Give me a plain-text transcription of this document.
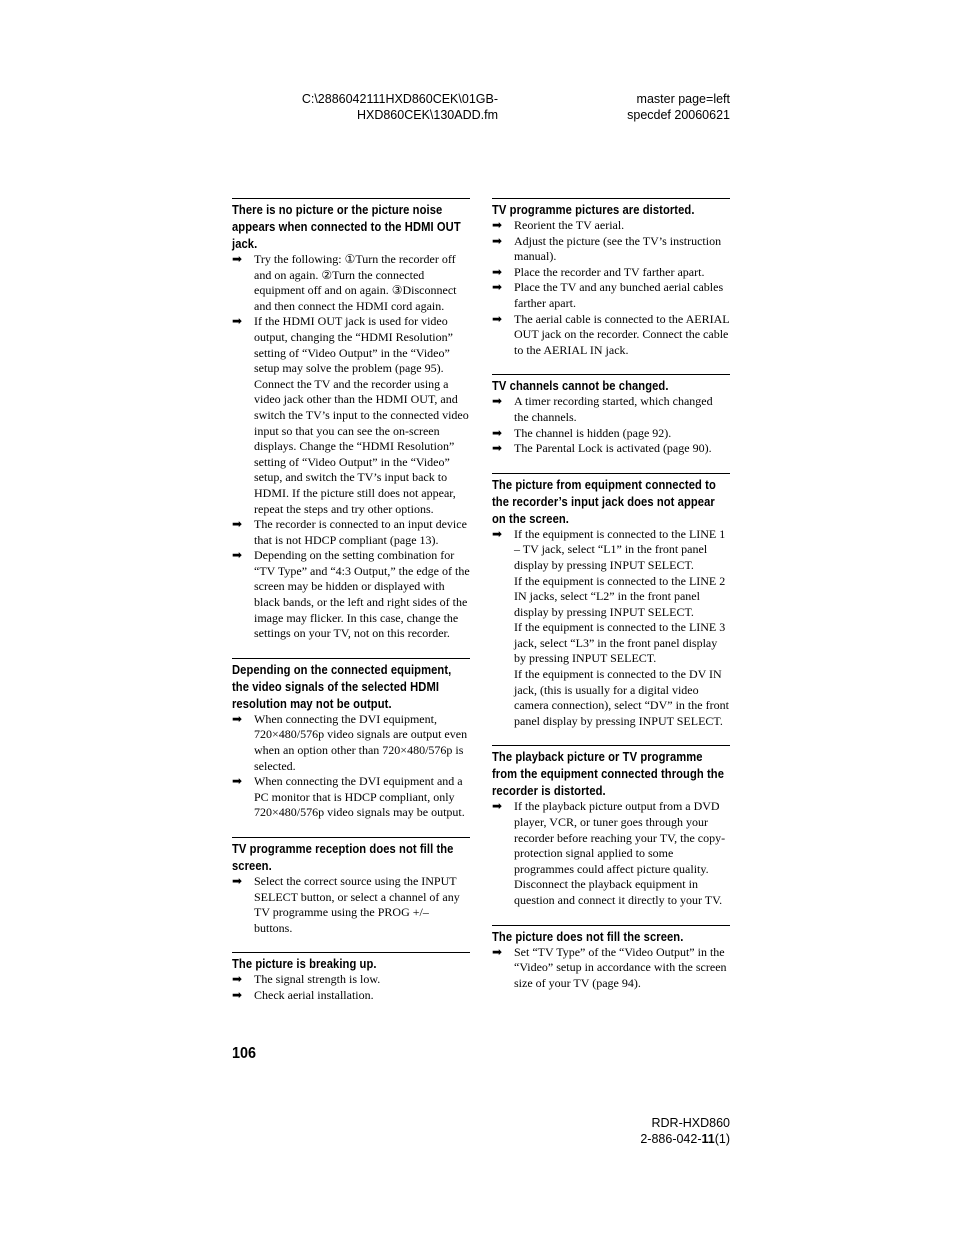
C:\2886042111HXD860CEK\01GB-
HXD860CEK\130ADD.fm
master page=left
specdef 20060621
There is no picture or the picture noise appears when connected to the HDMI OUT jack.
➡ Try the following: ①Turn the recorder off and on again. ②Turn the connected equipment off and on again. ③Disconnect and then connect the HDMI cord again.
➡ If the HDMI OUT jack is used for video output, changing the “HDMI Resolution” setting of “Video Output” in the “Video” setup may solve the problem (page 95). Connect the TV and the recorder using a video jack other than the HDMI OUT, and switch the TV’s input to the connected video input so that you can see the on-screen displays. Change the “HDMI Resolution” setting of “Video Output” in the “Video” setup, and switch the TV’s input back to HDMI. If the picture still does not appear, repeat the steps and try other options.
➡ The recorder is connected to an input device that is not HDCP compliant (page 13).
➡ Depending on the setting combination for “TV Type” and “4:3 Output,” the edge of the screen may be hidden or displayed with black bands, or the left and right sides of the image may flicker. In this case, change the settings on your TV, not on this recorder.
Depending on the connected equipment, the video signals of the selected HDMI resolution may not be output.
➡ When connecting the DVI equipment, 720×480/576p video signals are output even when an option other than 720×480/576p is selected.
➡ When connecting the DVI equipment and a PC monitor that is HDCP compliant, only 720×480/576p video signals may be output.
TV programme reception does not fill the screen.
➡ Select the correct source using the INPUT SELECT button, or select a channel of any TV programme using the PROG +/– buttons.
The picture is breaking up.
➡ The signal strength is low.
➡ Check aerial installation.
TV programme pictures are distorted.
➡ Reorient the TV aerial.
➡ Adjust the picture (see the TV’s instruction manual).
➡ Place the recorder and TV farther apart.
➡ Place the TV and any bunched aerial cables farther apart.
➡ The aerial cable is connected to the AERIAL OUT jack on the recorder. Connect the cable to the AERIAL IN jack.
TV channels cannot be changed.
➡ A timer recording started, which changed the channels.
➡ The channel is hidden (page 92).
➡ The Parental Lock is activated (page 90).
The picture from equipment connected to the recorder’s input jack does not appear on the screen.
➡ If the equipment is connected to the LINE 1 – TV jack, select “L1” in the front panel display by pressing INPUT SELECT.
If the equipment is connected to the LINE 2 IN jacks, select “L2” in the front panel display by pressing INPUT SELECT.
If the equipment is connected to the LINE 3 jack, select “L3” in the front panel display by pressing INPUT SELECT.
If the equipment is connected to the DV IN jack, (this is usually for a digital video camera connection), select “DV” in the front panel display by pressing INPUT SELECT.
The playback picture or TV programme from the equipment connected through the recorder is distorted.
➡ If the playback picture output from a DVD player, VCR, or tuner goes through your recorder before reaching your TV, the copy-protection signal applied to some programmes could affect picture quality. Disconnect the playback equipment in question and connect it directly to your TV.
The picture does not fill the screen.
➡ Set “TV Type” of the “Video Output” in the “Video” setup in accordance with the screen size of your TV (page 94).
106
RDR-HXD860
2-886-042-11(1)
